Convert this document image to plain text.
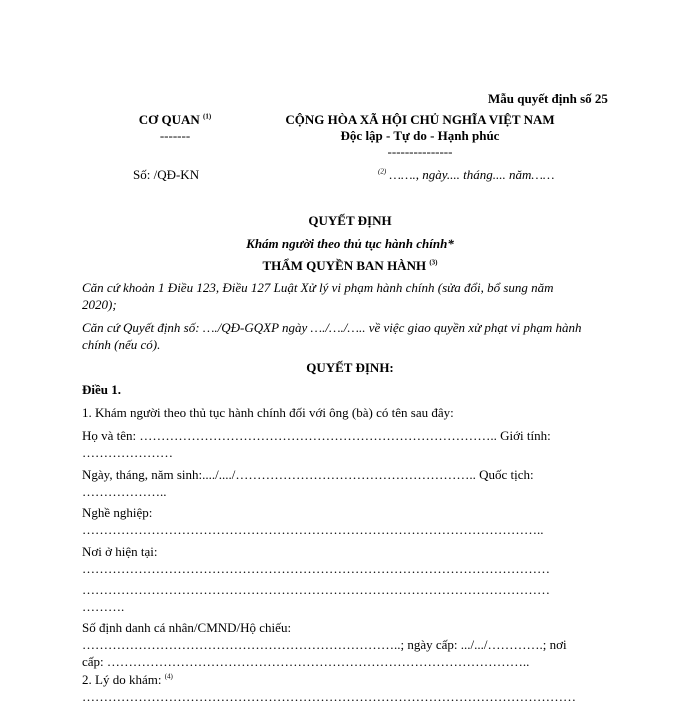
Mẫu quyết định số 25
CƠ QUAN $^{(1)}$
-------
CỘNG HÒA XÃ HỘI CHỦ NGHĨA VIỆT NAM
Độc lập - Tự do - Hạnh phúc
---------------
Số: /QĐ-KN	$^{(2)}$ ……., ngày.... tháng.... năm……
QUYẾT ĐỊNH
Khám người theo thủ tục hành chính*
THẨM QUYỀN BAN HÀNH $^{(3)}$
Căn cứ khoản 1 Điều 123, Điều 127 Luật Xử lý vi phạm hành chính (sửa đổi, bổ sung năm
2020);
Căn cứ Quyết định số: …./QĐ-GQXP ngày …./…./….. về việc giao quyền xử phạt vi phạm hành
chính (nếu có).
QUYẾT ĐỊNH:
Điều 1.
1. Khám người theo thủ tục hành chính đối với ông (bà) có tên sau đây:
Họ và tên: ……………………………………………………………………….. Giới tính:
…………………
Ngày, tháng, năm sinh:..../..../……………………………………………….. Quốc tịch:
………………..
Nghề nghiệp:
……………………………………………………………………………………………..
Nơi ở hiện tại:
………………………………………………………………………………………………
………………………………………………………………………………………………
……….
Số định danh cá nhân/CMND/Hộ chiếu:
………………………………………………………………..; ngày cấp: .../.../………….; nơi
cấp: ……………………………………………………………………………………..
2. Lý do khám: $^{(4)}$
……………………………………………………………………………………………………
